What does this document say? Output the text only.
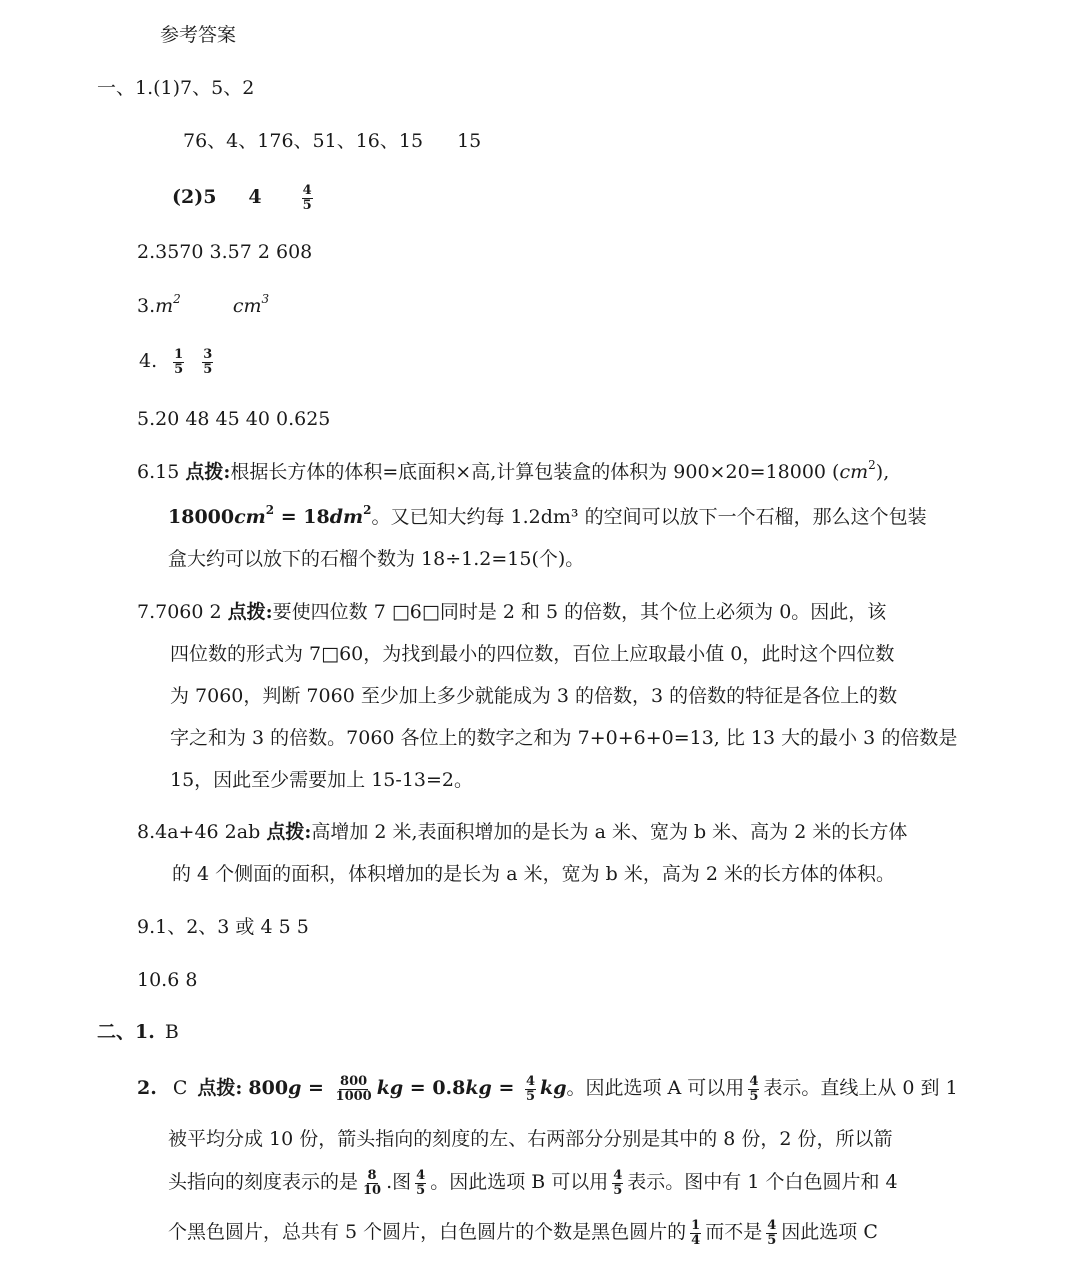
参考答案
一、1.(1)7、5、2
76、4、176、51、16、15 15
(2)5 4	$\frac{4}{5}$
2.3570 3.57 2 608
$3.m^2$	$cm^3$
4. $\frac{1}{5} \frac{3}{5}$
5.20 48 45 40 0.625
6.15 点拨:根据长方体的体积=底面积×高,计算包装盒的体积为 900×20=18000 $(cm^2)$,
$18000cm^2 = 18dm^2$。又已知大约每 1.2dm³ 的空间可以放下一个石榴，那么这个包装
盒大约可以放下的石榴个数为 18÷1.2=15(个)。
7.7060 2 点拨:要使四位数 7 □6□同时是 2 和 5 的倍数，其个位上必须为 0。因此，该
四位数的形式为 7□60，为找到最小的四位数，百位上应取最小值 0，此时这个四位数
为 7060，判断 7060 至少加上多少就能成为 3 的倍数，3 的倍数的特征是各位上的数
字之和为 3 的倍数。7060 各位上的数字之和为 7+0+6+0=13, 比 13 大的最小 3 的倍数是
15，因此至少需要加上 15-13=2。
8.4a+46 2ab 点拨:高增加 2 米,表面积增加的是长为 a 米、宽为 b 米、高为 2 米的长方体
的 4 个侧面的面积，体积增加的是长为 a 米，宽为 b 米，高为 2 米的长方体的体积。
9.1、2、3 或 4 5 5
10.6 8
二、1. B
2. C 点拨: $800g = \frac{800}{1000}$ kg = $0.8kg = \frac{4}{5}$ kg。因此选项 A 可以用 $\frac{4}{5}$ 表示。直线上从 0 到 1
被平均分成 10 份，箭头指向的刻度的左、右两部分分别是其中的 8 份，2 份，所以箭
头指向的刻度表示的是 $\frac{8}{10}$ .图 $\frac{4}{5}$ 。因此选项 B 可以用 $\frac{4}{5}$ 表示。图中有 1 个白色圆片和 4
个黑色圆片，总共有 5 个圆片，白色圆片的个数是黑色圆片的 $\frac{1}{4}$ 而不是 $\frac{4}{5}$ 因此选项 C
